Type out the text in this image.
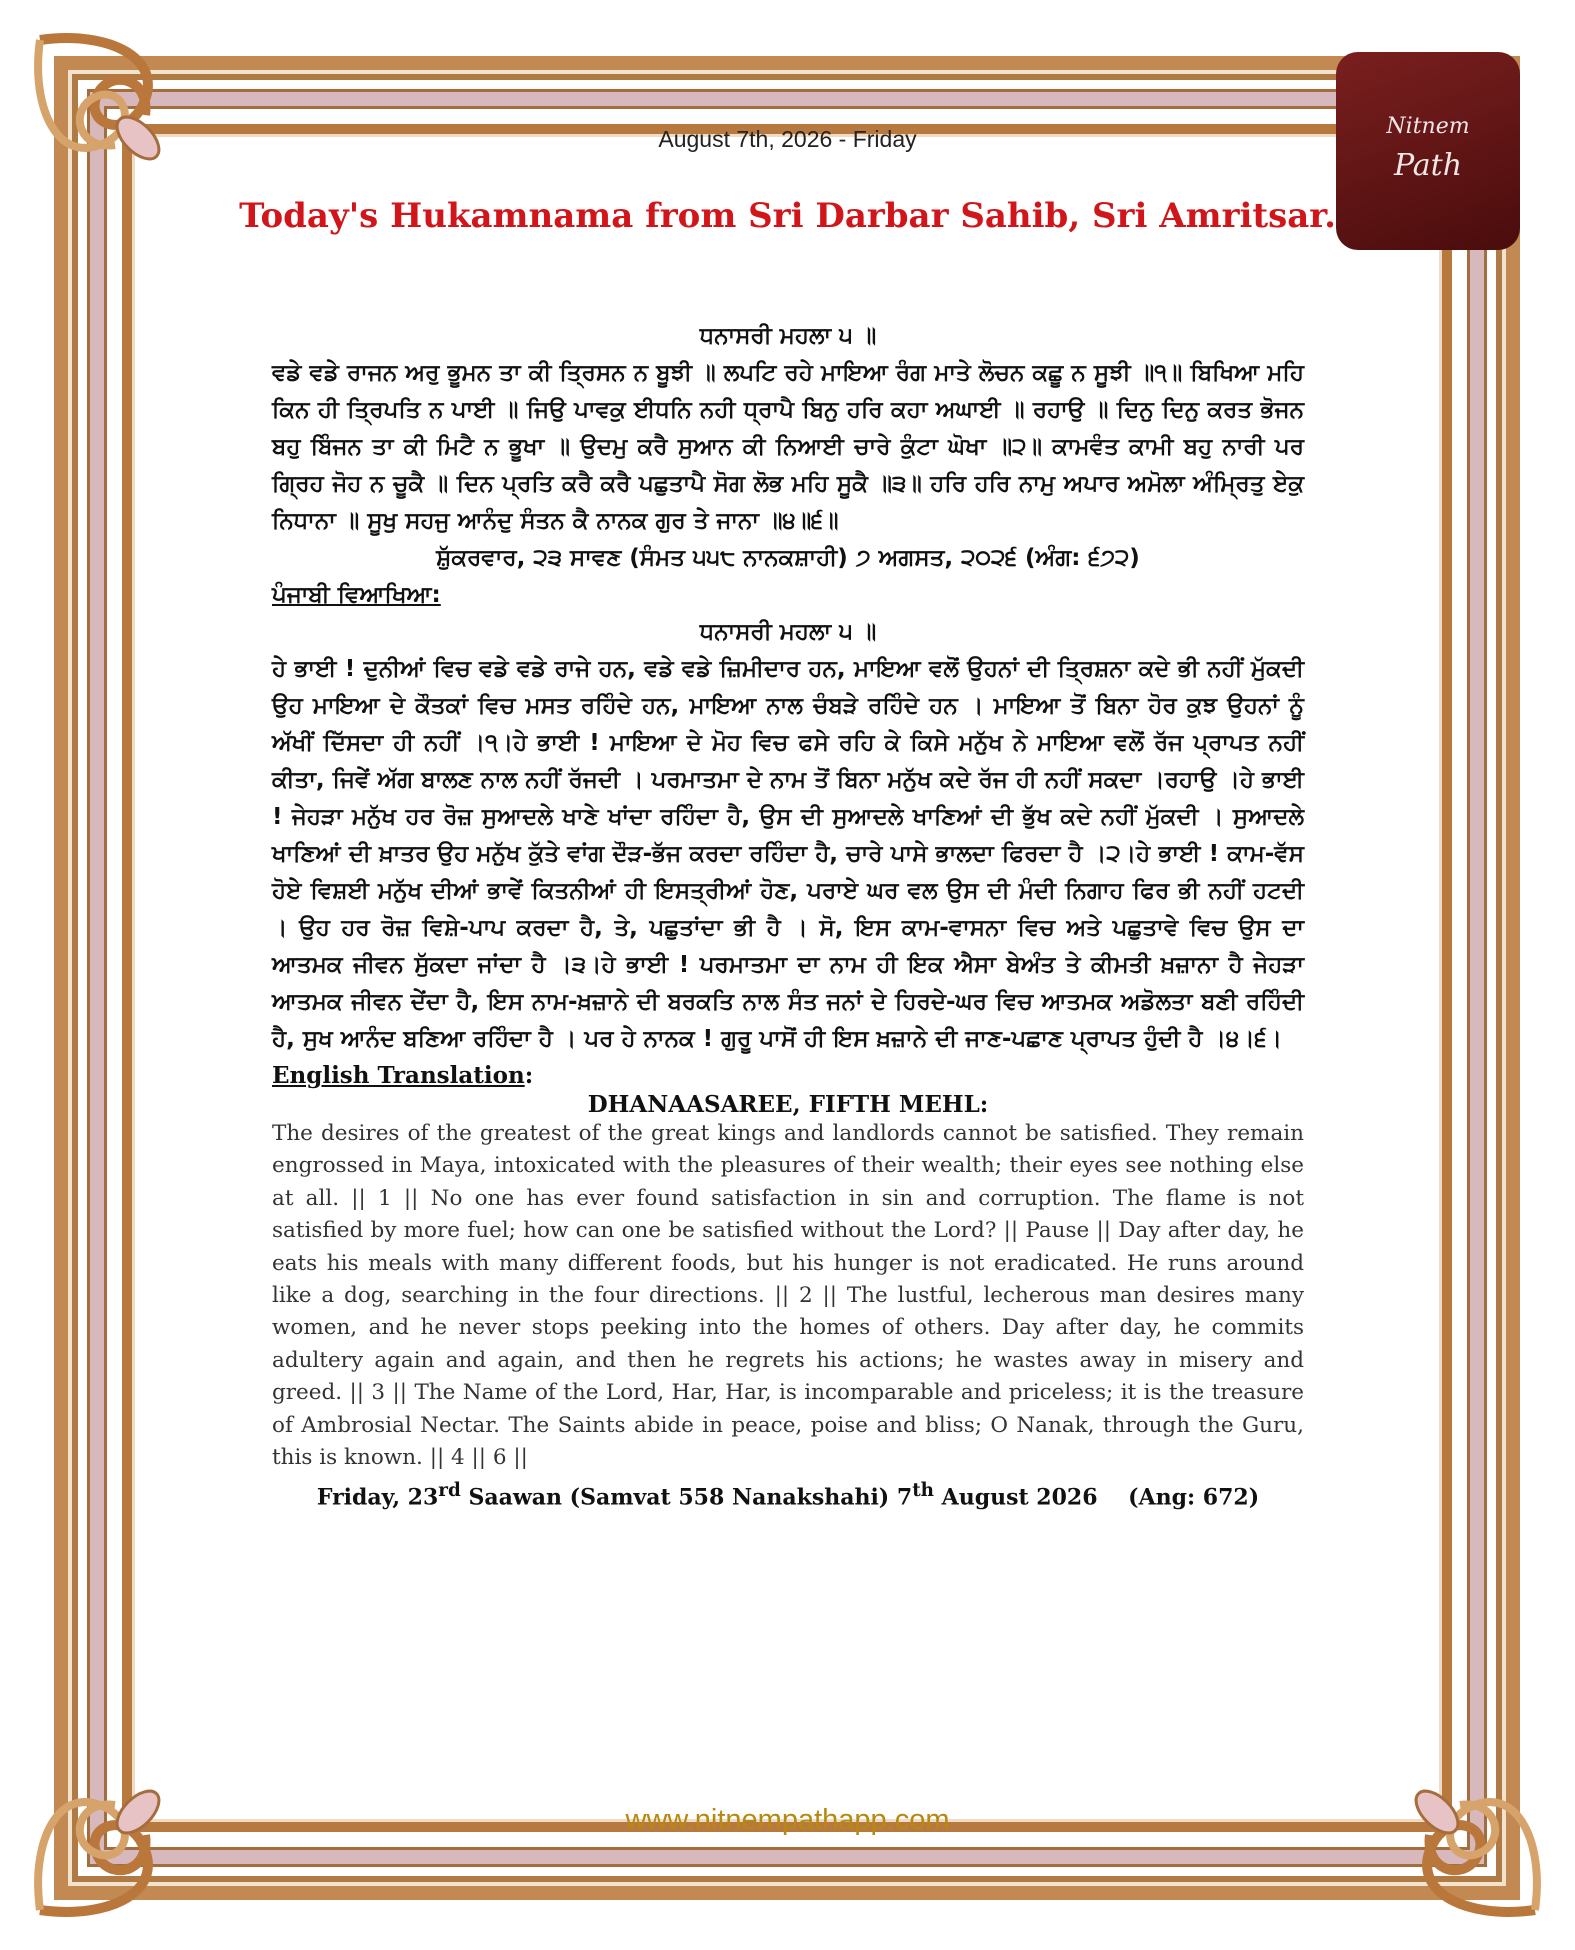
Nitnem
Path
August 7th, 2026 - Friday
Today's Hukamnama from Sri Darbar Sahib, Sri Amritsar.
ਧਨਾਸਰੀ ਮਹਲਾ ੫ ॥
ਵਡੇ ਵਡੇ ਰਾਜਨ ਅਰੁ ਭੂਮਨ ਤਾ ਕੀ ਤ੍ਰਿਸਨ ਨ ਬੂਝੀ ॥ ਲਪਟਿ ਰਹੇ ਮਾਇਆ ਰੰਗ ਮਾਤੇ ਲੋਚਨ ਕਛੂ ਨ ਸੂਝੀ ॥੧॥ ਬਿਖਿਆ ਮਹਿ ਕਿਨ ਹੀ ਤ੍ਰਿਪਤਿ ਨ ਪਾਈ ॥ ਜਿਉ ਪਾਵਕੁ ਈਧਨਿ ਨਹੀ ਧ੍ਰਾਪੈ ਬਿਨੁ ਹਰਿ ਕਹਾ ਅਘਾਈ ॥ ਰਹਾਉ ॥ ਦਿਨੁ ਦਿਨੁ ਕਰਤ ਭੋਜਨ ਬਹੁ ਬਿੰਜਨ ਤਾ ਕੀ ਮਿਟੈ ਨ ਭੂਖਾ ॥ ਉਦਮੁ ਕਰੈ ਸੁਆਨ ਕੀ ਨਿਆਈ ਚਾਰੇ ਕੁੰਟਾ ਘੋਖਾ ॥੨॥ ਕਾਮਵੰਤ ਕਾਮੀ ਬਹੁ ਨਾਰੀ ਪਰ ਗ੍ਰਿਹ ਜੋਹ ਨ ਚੂਕੈ ॥ ਦਿਨ ਪ੍ਰਤਿ ਕਰੈ ਕਰੈ ਪਛੁਤਾਪੈ ਸੋਗ ਲੋਭ ਮਹਿ ਸੂਕੈ ॥੩॥ ਹਰਿ ਹਰਿ ਨਾਮੁ ਅਪਾਰ ਅਮੋਲਾ ਅੰਮ੍ਰਿਤੁ ਏਕੁ ਨਿਧਾਨਾ ॥ ਸੂਖੁ ਸਹਜੁ ਆਨੰਦੁ ਸੰਤਨ ਕੈ ਨਾਨਕ ਗੁਰ ਤੇ ਜਾਨਾ ॥੪॥੬॥
ਸ਼ੁੱਕਰਵਾਰ, ੨੩ ਸਾਵਣ (ਸੰਮਤ ੫੫੮ ਨਾਨਕਸ਼ਾਹੀ) ੭ ਅਗਸਤ, ੨੦੨੬ (ਅੰਗ: ੬੭੨)
ਪੰਜਾਬੀ ਵਿਆਖਿਆ:
ਧਨਾਸਰੀ ਮਹਲਾ ੫ ॥
ਹੇ ਭਾਈ ! ਦੁਨੀਆਂ ਵਿਚ ਵਡੇ ਵਡੇ ਰਾਜੇ ਹਨ, ਵਡੇ ਵਡੇ ਜ਼ਿਮੀਦਾਰ ਹਨ, ਮਾਇਆ ਵਲੋਂ ਉਹਨਾਂ ਦੀ ਤ੍ਰਿਸ਼ਨਾ ਕਦੇ ਭੀ ਨਹੀਂ ਮੁੱਕਦੀ ਉਹ ਮਾਇਆ ਦੇ ਕੌਤਕਾਂ ਵਿਚ ਮਸਤ ਰਹਿੰਦੇ ਹਨ, ਮਾਇਆ ਨਾਲ ਚੰਬੜੇ ਰਹਿੰਦੇ ਹਨ । ਮਾਇਆ ਤੋਂ ਬਿਨਾ ਹੋਰ ਕੁਝ ਉਹਨਾਂ ਨੂੰ ਅੱਖੀਂ ਦਿੱਸਦਾ ਹੀ ਨਹੀਂ ।੧।ਹੇ ਭਾਈ ! ਮਾਇਆ ਦੇ ਮੋਹ ਵਿਚ ਫਸੇ ਰਹਿ ਕੇ ਕਿਸੇ ਮਨੁੱਖ ਨੇ ਮਾਇਆ ਵਲੋਂ ਰੱਜ ਪ੍ਰਾਪਤ ਨਹੀਂ ਕੀਤਾ, ਜਿਵੇਂ ਅੱਗ ਬਾਲਣ ਨਾਲ ਨਹੀਂ ਰੱਜਦੀ । ਪਰਮਾਤਮਾ ਦੇ ਨਾਮ ਤੋਂ ਬਿਨਾ ਮਨੁੱਖ ਕਦੇ ਰੱਜ ਹੀ ਨਹੀਂ ਸਕਦਾ ।ਰਹਾਉ ।ਹੇ ਭਾਈ ! ਜੇਹੜਾ ਮਨੁੱਖ ਹਰ ਰੋਜ਼ ਸੁਆਦਲੇ ਖਾਣੇ ਖਾਂਦਾ ਰਹਿੰਦਾ ਹੈ, ਉਸ ਦੀ ਸੁਆਦਲੇ ਖਾਣਿਆਂ ਦੀ ਭੁੱਖ ਕਦੇ ਨਹੀਂ ਮੁੱਕਦੀ । ਸੁਆਦਲੇ ਖਾਣਿਆਂ ਦੀ ਖ਼ਾਤਰ ਉਹ ਮਨੁੱਖ ਕੁੱਤੇ ਵਾਂਗ ਦੌੜ-ਭੱਜ ਕਰਦਾ ਰਹਿੰਦਾ ਹੈ, ਚਾਰੇ ਪਾਸੇ ਭਾਲਦਾ ਫਿਰਦਾ ਹੈ ।੨।ਹੇ ਭਾਈ ! ਕਾਮ-ਵੱਸ ਹੋਏ ਵਿਸ਼ਈ ਮਨੁੱਖ ਦੀਆਂ ਭਾਵੇਂ ਕਿਤਨੀਆਂ ਹੀ ਇਸਤ੍ਰੀਆਂ ਹੋਣ, ਪਰਾਏ ਘਰ ਵਲ ਉਸ ਦੀ ਮੰਦੀ ਨਿਗਾਹ ਫਿਰ ਭੀ ਨਹੀਂ ਹਟਦੀ । ਉਹ ਹਰ ਰੋਜ਼ ਵਿਸ਼ੇ-ਪਾਪ ਕਰਦਾ ਹੈ, ਤੇ, ਪਛੁਤਾਂਦਾ ਭੀ ਹੈ । ਸੋ, ਇਸ ਕਾਮ-ਵਾਸਨਾ ਵਿਚ ਅਤੇ ਪਛੁਤਾਵੇ ਵਿਚ ਉਸ ਦਾ ਆਤਮਕ ਜੀਵਨ ਸੁੱਕਦਾ ਜਾਂਦਾ ਹੈ ।੩।ਹੇ ਭਾਈ ! ਪਰਮਾਤਮਾ ਦਾ ਨਾਮ ਹੀ ਇਕ ਐਸਾ ਬੇਅੰਤ ਤੇ ਕੀਮਤੀ ਖ਼ਜ਼ਾਨਾ ਹੈ ਜੇਹੜਾ ਆਤਮਕ ਜੀਵਨ ਦੇਂਦਾ ਹੈ, ਇਸ ਨਾਮ-ਖ਼ਜ਼ਾਨੇ ਦੀ ਬਰਕਤਿ ਨਾਲ ਸੰਤ ਜਨਾਂ ਦੇ ਹਿਰਦੇ-ਘਰ ਵਿਚ ਆਤਮਕ ਅਡੋਲਤਾ ਬਣੀ ਰਹਿੰਦੀ ਹੈ, ਸੁਖ ਆਨੰਦ ਬਣਿਆ ਰਹਿੰਦਾ ਹੈ । ਪਰ ਹੇ ਨਾਨਕ ! ਗੁਰੂ ਪਾਸੋਂ ਹੀ ਇਸ ਖ਼ਜ਼ਾਨੇ ਦੀ ਜਾਣ-ਪਛਾਣ ਪ੍ਰਾਪਤ ਹੁੰਦੀ ਹੈ ।੪।੬।
English Translation:
DHANAASAREE, FIFTH MEHL:
The desires of the greatest of the great kings and landlords cannot be satisfied. They remain engrossed in Maya, intoxicated with the pleasures of their wealth; their eyes see nothing else at all. || 1 || No one has ever found satisfaction in sin and corruption. The flame is not satisfied by more fuel; how can one be satisfied without the Lord? || Pause || Day after day, he eats his meals with many different foods, but his hunger is not eradicated. He runs around like a dog, searching in the four directions. || 2 || The lustful, lecherous man desires many women, and he never stops peeking into the homes of others. Day after day, he commits adultery again and again, and then he regrets his actions; he wastes away in misery and greed. || 3 || The Name of the Lord, Har, Har, is incomparable and priceless; it is the treasure of Ambrosial Nectar. The Saints abide in peace, poise and bliss; O Nanak, through the Guru, this is known. || 4 || 6 ||
Friday, 23rd Saawan (Samvat 558 Nanakshahi) 7th August 2026 (Ang: 672)
www.nitnempathapp.com
